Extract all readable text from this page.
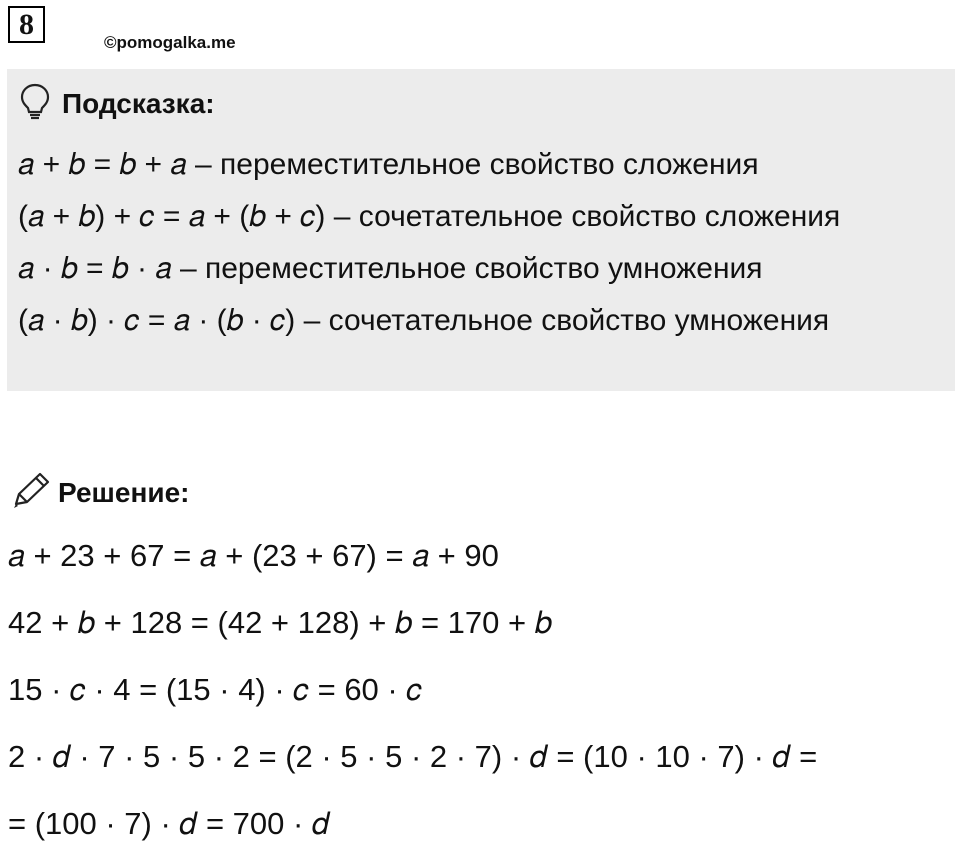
8
©pomogalka.me
Подсказка:
𝑎 + 𝑏 = 𝑏 + 𝑎 – переместительное свойство сложения
(𝑎 + 𝑏) + 𝑐 = 𝑎 + (𝑏 + 𝑐) – сочетательное свойство сложения
𝑎 · 𝑏 = 𝑏 · 𝑎 – переместительное свойство умножения
(𝑎 · 𝑏) · 𝑐 = 𝑎 · (𝑏 · 𝑐) – сочетательное свойство умножения
Решение:
𝑎 + 23 + 67 = 𝑎 + (23 + 67) = 𝑎 + 90
42 + 𝑏 + 128 = (42 + 128) + 𝑏 = 170 + 𝑏
15 · 𝑐 · 4 = (15 · 4) · 𝑐 = 60 · 𝑐
2 · 𝑑 · 7 · 5 · 5 · 2 = (2 · 5 · 5 · 2 · 7) · 𝑑 = (10 · 10 · 7) · 𝑑 =
= (100 · 7) · 𝑑 = 700 · 𝑑
